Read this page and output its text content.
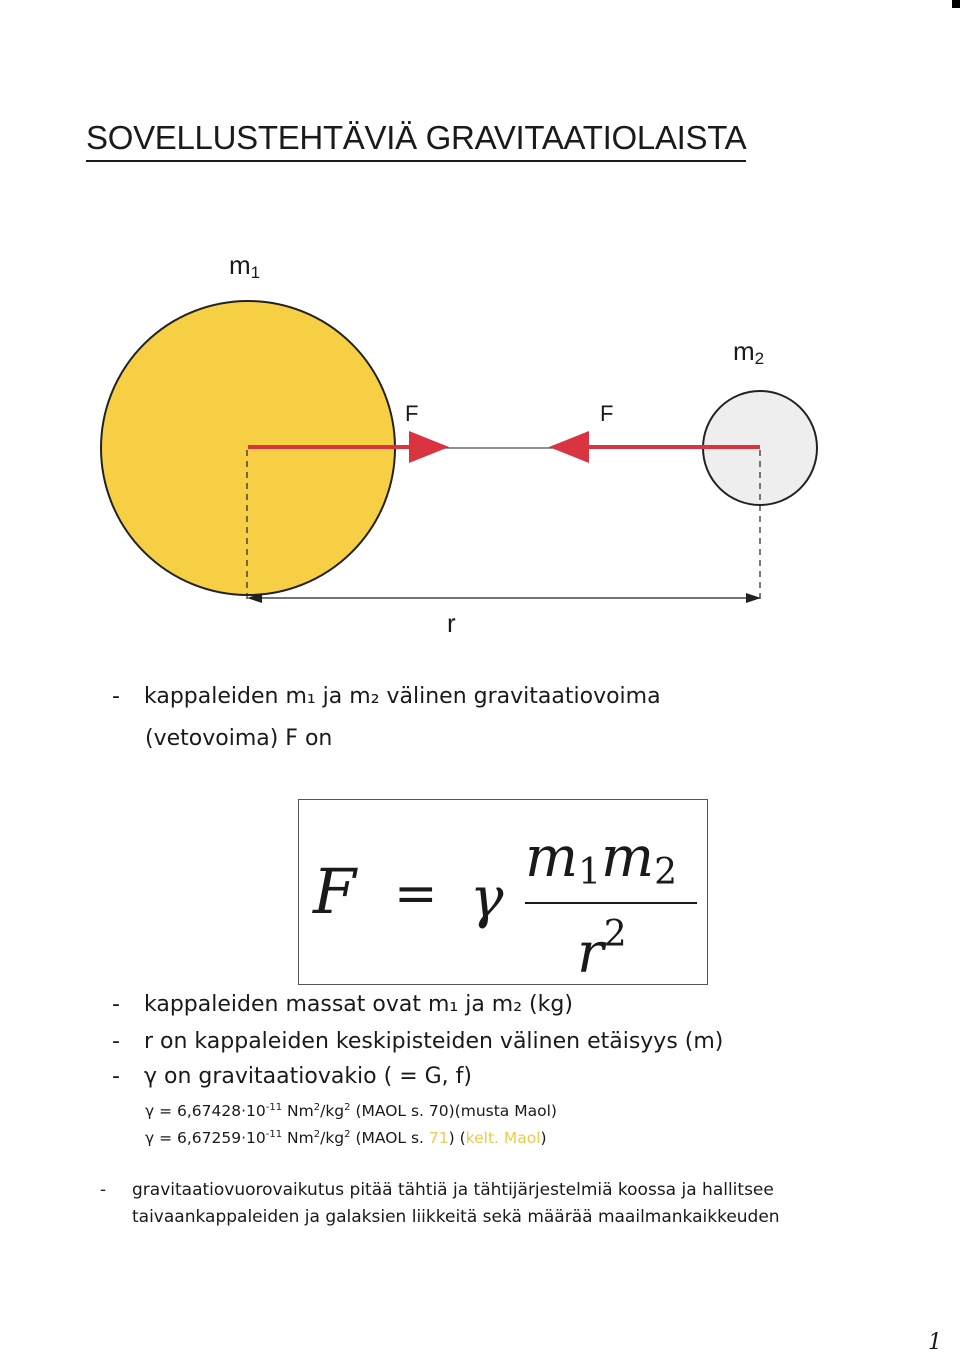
SOVELLUSTEHTÄVIÄ GRAVITAATIOLAISTA
m1
m2
F	F
r
- kappaleiden m₁ ja m₂ välinen gravitaatiovoima
(vetovoima) F on
F = γ
m1m2
$r^2$
- kappaleiden massat ovat m₁ ja m₂ (kg)
- r on kappaleiden keskipisteiden välinen etäisyys (m)
- γ on gravitaatiovakio ( = G, f)
$\gamma = 6,67428\cdot 10^{-11}$ $Nm^2/kg^2$ (MAOL s. 70)(musta Maol)
$\gamma = 6,67259\cdot 10^{-11}$ $Nm^2/kg^2$ (MAOL s. 71) (kelt. Maol)
- gravitaatiovuorovaikutus pitää tähtiä ja tähtijärjestelmiä koossa ja hallitsee
taivaankappaleiden ja galaksien liikkeitä sekä määrää maailmankaikkeuden
1
